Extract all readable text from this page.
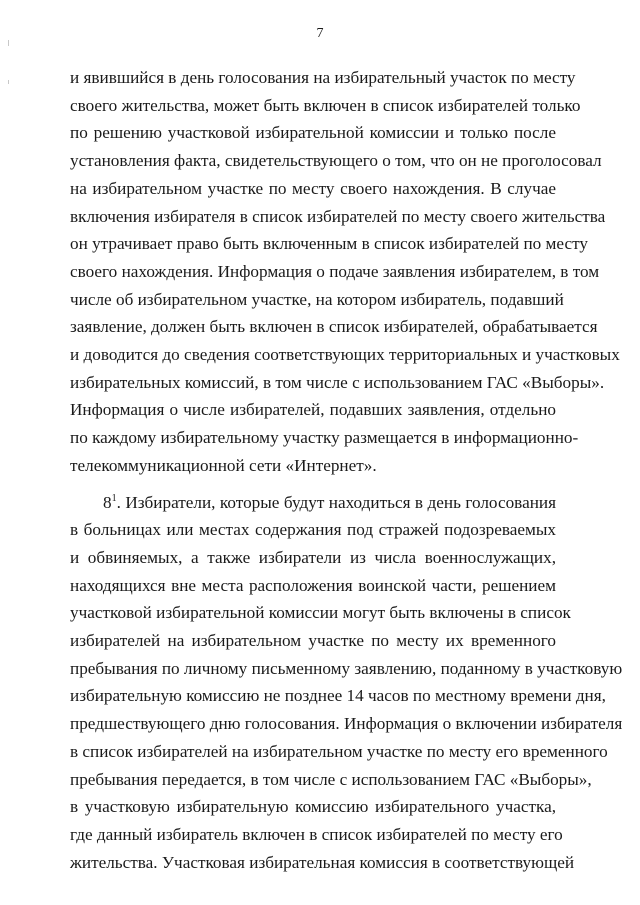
7
и явившийся в день голосования на избирательный участок по месту
своего жительства, может быть включен в список избирателей только
по решению участковой избирательной комиссии и только после
установления факта, свидетельствующего о том, что он не проголосовал
на избирательном участке по месту своего нахождения. В случае
включения избирателя в список избирателей по месту своего жительства
он утрачивает право быть включенным в список избирателей по месту
своего нахождения. Информация о подаче заявления избирателем, в том
числе об избирательном участке, на котором избиратель, подавший
заявление, должен быть включен в список избирателей, обрабатывается
и доводится до сведения соответствующих территориальных и участковых
избирательных комиссий, в том числе с использованием ГАС «Выборы».
Информация о числе избирателей, подавших заявления, отдельно
по каждому избирательному участку размещается в информационно-
телекоммуникационной сети «Интернет».
$8^1$. Избиратели, которые будут находиться в день голосования
в больницах или местах содержания под стражей подозреваемых
и обвиняемых, а также избиратели из числа военнослужащих,
находящихся вне места расположения воинской части, решением
участковой избирательной комиссии могут быть включены в список
избирателей на избирательном участке по месту их временного
пребывания по личному письменному заявлению, поданному в участковую
избирательную комиссию не позднее 14 часов по местному времени дня,
предшествующего дню голосования. Информация о включении избирателя
в список избирателей на избирательном участке по месту его временного
пребывания передается, в том числе с использованием ГАС «Выборы»,
в участковую избирательную комиссию избирательного участка,
где данный избиратель включен в список избирателей по месту его
жительства. Участковая избирательная комиссия в соответствующей
